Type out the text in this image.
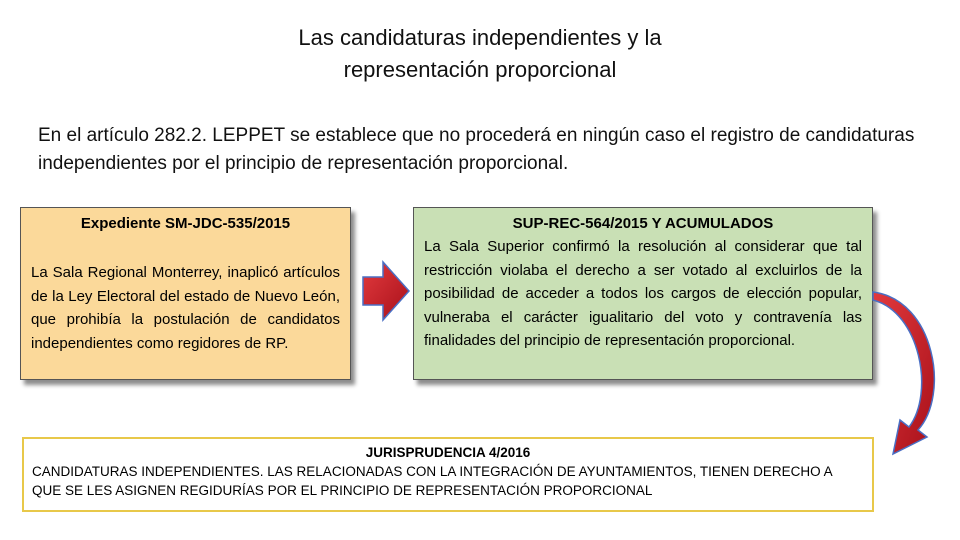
Las candidaturas independientes y la
representación proporcional
En el artículo 282.2. LEPPET se establece que no procederá en ningún caso el registro de candidaturas independientes por el principio de representación proporcional.
Expediente SM-JDC-535/2015
La Sala Regional Monterrey, inaplicó artículos de la Ley Electoral del estado de Nuevo León, que prohibía la postulación de candidatos independientes como regidores de RP.
SUP-REC-564/2015 Y ACUMULADOS
La Sala Superior confirmó la resolución al considerar que tal restricción violaba el derecho a ser votado al excluirlos de la posibilidad de acceder a todos los cargos de elección popular, vulneraba el carácter igualitario del voto y contravenía las finalidades del principio de representación proporcional.
JURISPRUDENCIA 4/2016
CANDIDATURAS INDEPENDIENTES. LAS RELACIONADAS CON LA INTEGRACIÓN DE AYUNTAMIENTOS, TIENEN DERECHO A QUE SE LES ASIGNEN REGIDURÍAS POR EL PRINCIPIO DE REPRESENTACIÓN PROPORCIONAL
